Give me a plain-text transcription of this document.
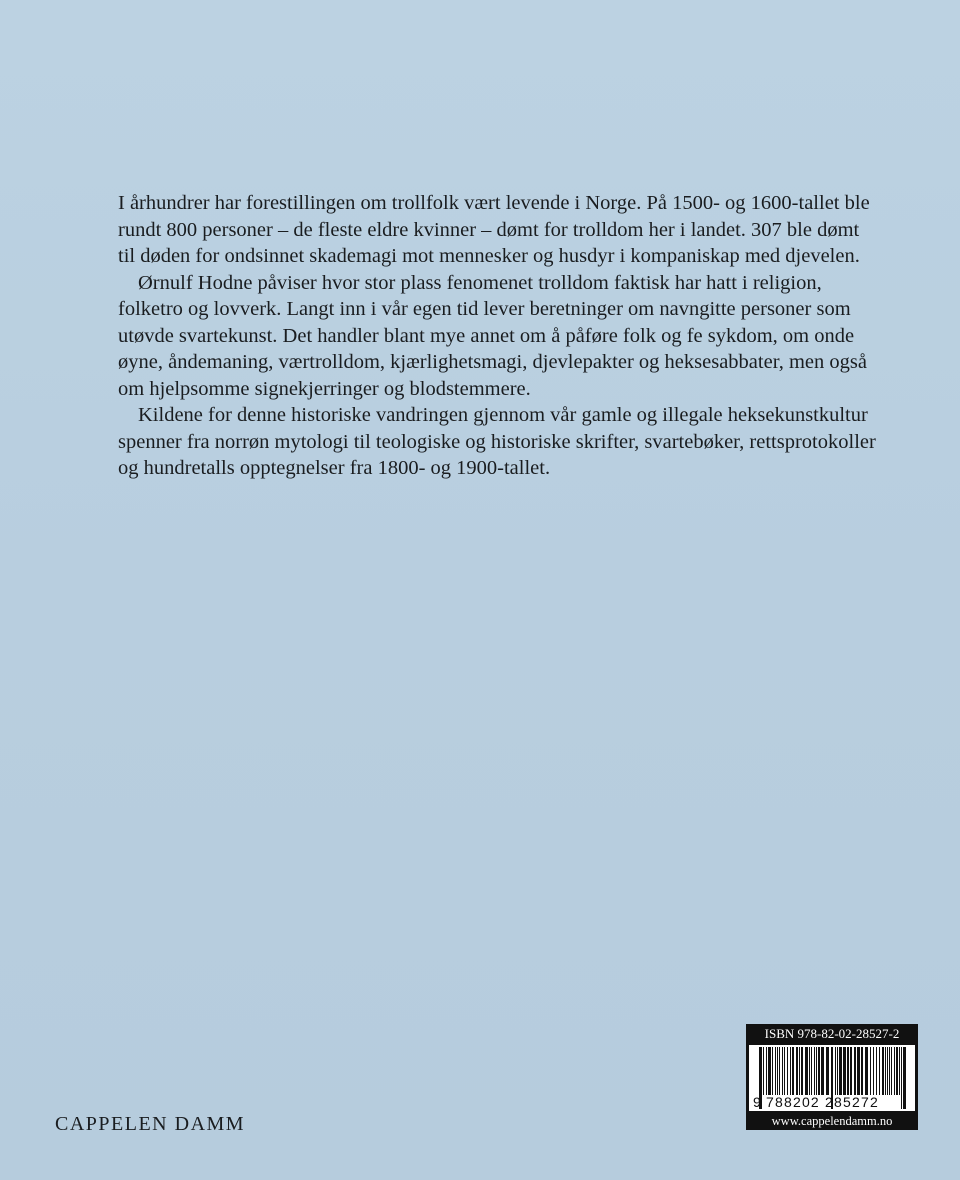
I århundrer har forestillingen om trollfolk vært levende i Norge. På 1500- og 1600-tallet ble rundt 800 personer – de fleste eldre kvinner – dømt for trolldom her i landet. 307 ble dømt til døden for ondsinnet skademagi mot mennesker og husdyr i kompaniskap med djevelen.

Ørnulf Hodne påviser hvor stor plass fenomenet trolldom faktisk har hatt i religion, folketro og lovverk. Langt inn i vår egen tid lever beretninger om navngitte personer som utøvde svartekunst. Det handler blant mye annet om å påføre folk og fe sykdom, om onde øyne, åndemaning, værtrolldom, kjærlighetsmagi, djevlepakter og heksesabbater, men også om hjelpsomme signekjerringer og blodstemmere.

Kildene for denne historiske vandringen gjennom vår gamle og illegale heksekunstkultur spenner fra norrøn mytologi til teologiske og historiske skrifter, svartebøker, rettsprotokoller og hundretalls opptegnelser fra 1800- og 1900-tallet.

CAPPELEN DAMM
ISBN 978-82-02-28527-2
9 788202 285272
www.cappelendamm.no
